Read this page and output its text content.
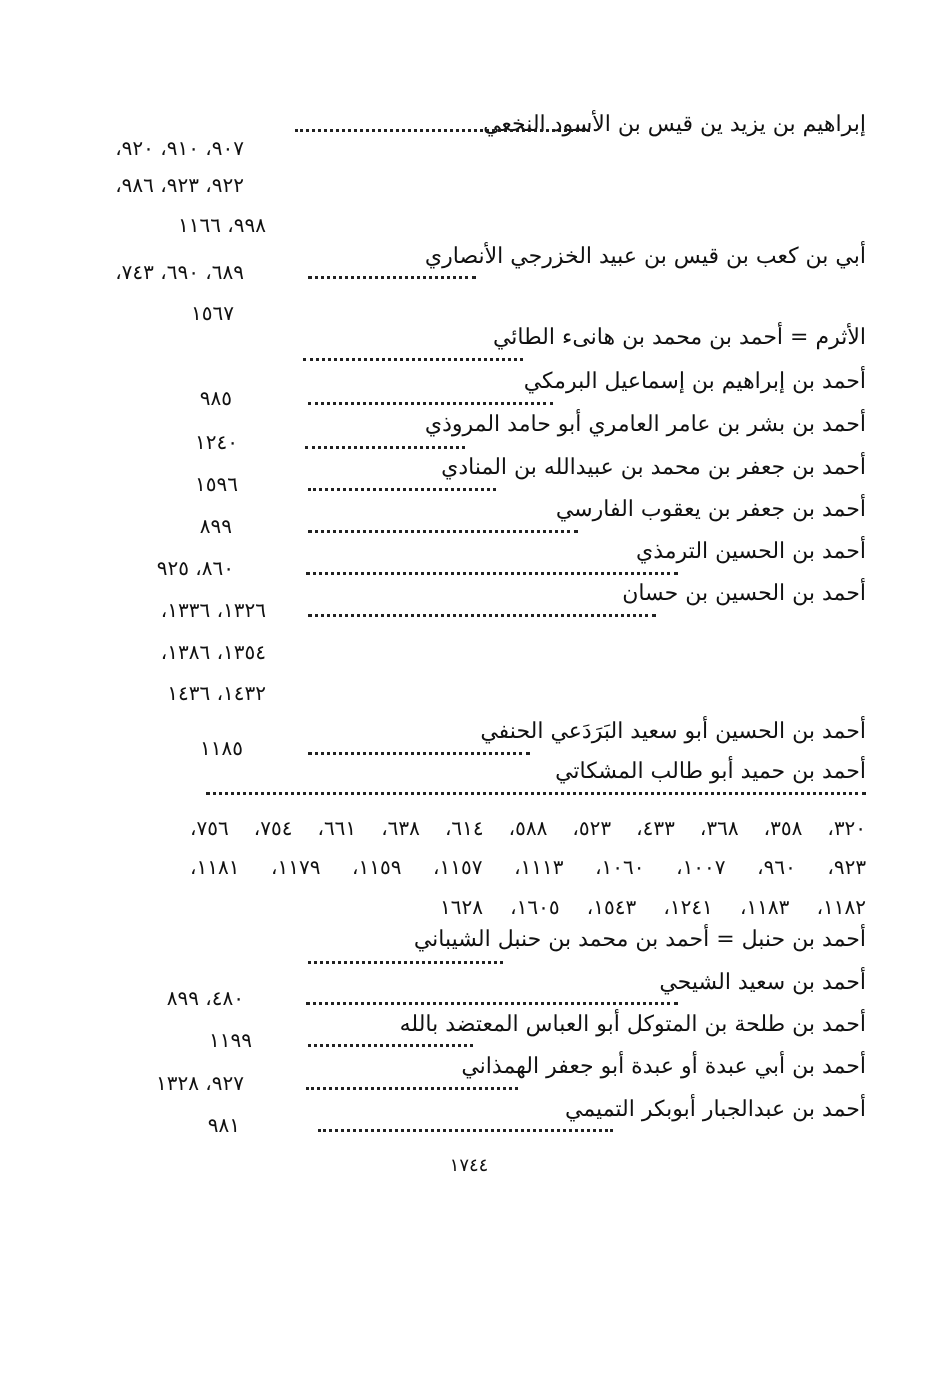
إبراهيم بن يزيد ين قيس بن الأسود النخعي
٩٠٧، ٩١٠، ٩٢٠،
٩٢٢، ٩٢٣، ٩٨٦،
٩٩٨، ١١٦٦
أبي بن كعب بن قيس بن عبيد الخزرجي الأنصاري
٦٨٩، ٦٩٠، ٧٤٣،
١٥٦٧
الأثرم = أحمد بن محمد بن هانىء الطائي
أحمد بن إبراهيم بن إسماعيل البرمكي
٩٨٥
أحمد بن بشر بن عامر العامري أبو حامد المروذي
١٢٤٠
أحمد بن جعفر بن محمد بن عبيدالله بن المنادي
١٥٩٦
أحمد بن جعفر بن يعقوب الفارسي
٨٩٩
أحمد بن الحسين الترمذي
٨٦٠، ٩٢٥
أحمد بن الحسين بن حسان
١٣٢٦، ١٣٣٦،
١٣٥٤، ١٣٨٦،
١٤٣٢، ١٤٣٦
أحمد بن الحسين أبو سعيد البَرَدَعي الحنفي
١١٨٥
أحمد بن حميد أبو طالب المشكاتي
٣٢٠، ٣٥٨، ٣٦٨، ٤٣٣، ٥٢٣، ٥٨٨، ٦١٤، ٦٣٨، ٦٦١، ٧٥٤، ٧٥٦،
٩٢٣، ٩٦٠، ١٠٠٧، ١٠٦٠، ١١١٣، ١١٥٧، ١١٥٩، ١١٧٩، ١١٨١،
١١٨٢، ١١٨٣، ١٢٤١، ١٥٤٣، ١٦٠٥، ١٦٢٨
أحمد بن حنبل = أحمد بن محمد بن حنبل الشيباني
أحمد بن سعيد الشيحي
٤٨٠، ٨٩٩
أحمد بن طلحة بن المتوكل أبو العباس المعتضد بالله
١١٩٩
أحمد بن أبي عبدة أو عبدة أبو جعفر الهمذاني
٩٢٧، ١٣٢٨
أحمد بن عبدالجبار أبوبكر التميمي
٩٨١
١٧٤٤
